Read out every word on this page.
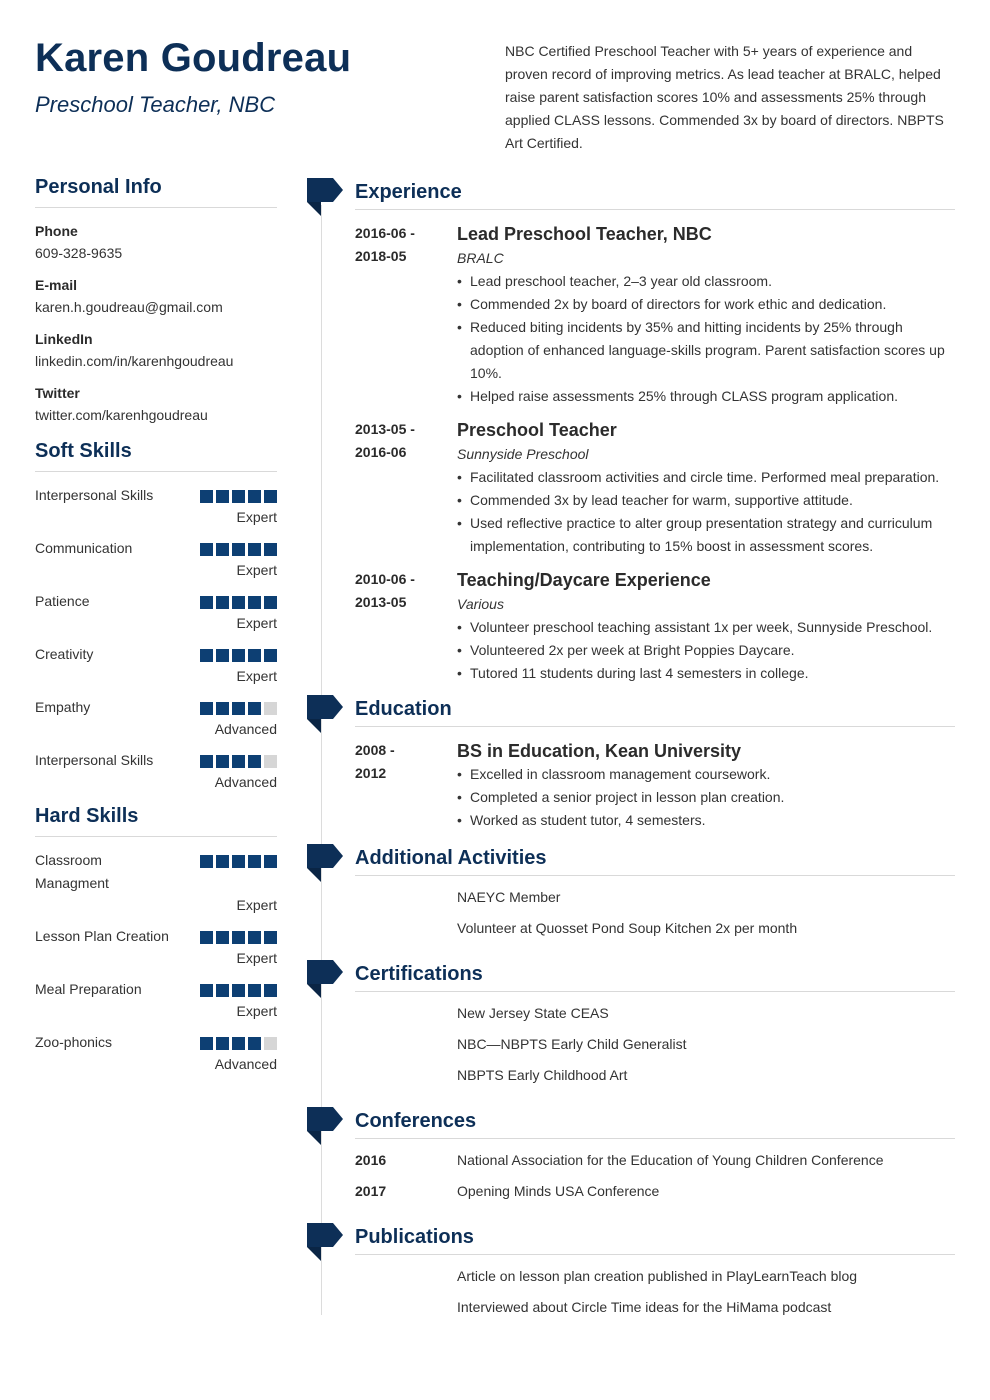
Karen Goudreau
Preschool Teacher, NBC
NBC Certified Preschool Teacher with 5+ years of experience and proven record of improving metrics. As lead teacher at BRALC, helped raise parent satisfaction scores 10% and assessments 25% through applied CLASS lessons. Commended 3x by board of directors. NBPTS Art Certified.
Personal Info
Phone
609-328-9635
E-mail
karen.h.goudreau@gmail.com
LinkedIn
linkedin.com/in/karenhgoudreau
Twitter
twitter.com/karenhgoudreau
Soft Skills
Interpersonal Skills
Expert
Communication
Expert
Patience
Expert
Creativity
Expert
Empathy
Advanced
Interpersonal Skills
Advanced
Hard Skills
Classroom Managment
Expert
Lesson Plan Creation
Expert
Meal Preparation
Expert
Zoo-phonics
Advanced
Experience
2016-06 -
2018-05
Lead Preschool Teacher, NBC
BRALC
• Lead preschool teacher, 2–3 year old classroom.
• Commended 2x by board of directors for work ethic and dedication.
• Reduced biting incidents by 35% and hitting incidents by 25% through adoption of enhanced language-skills program. Parent satisfaction scores up 10%.
• Helped raise assessments 25% through CLASS program application.
2013-05 -
2016-06
Preschool Teacher
Sunnyside Preschool
• Facilitated classroom activities and circle time. Performed meal preparation.
• Commended 3x by lead teacher for warm, supportive attitude.
• Used reflective practice to alter group presentation strategy and curriculum implementation, contributing to 15% boost in assessment scores.
2010-06 -
2013-05
Teaching/Daycare Experience
Various
• Volunteer preschool teaching assistant 1x per week, Sunnyside Preschool.
• Volunteered 2x per week at Bright Poppies Daycare.
• Tutored 11 students during last 4 semesters in college.
Education
2008 -
2012
BS in Education, Kean University
• Excelled in classroom management coursework.
• Completed a senior project in lesson plan creation.
• Worked as student tutor, 4 semesters.
Additional Activities
NAEYC Member
Volunteer at Quosset Pond Soup Kitchen 2x per month
Certifications
New Jersey State CEAS
NBC—NBPTS Early Child Generalist
NBPTS Early Childhood Art
Conferences
2016	National Association for the Education of Young Children Conference
2017	Opening Minds USA Conference
Publications
Article on lesson plan creation published in PlayLearnTeach blog
Interviewed about Circle Time ideas for the HiMama podcast
